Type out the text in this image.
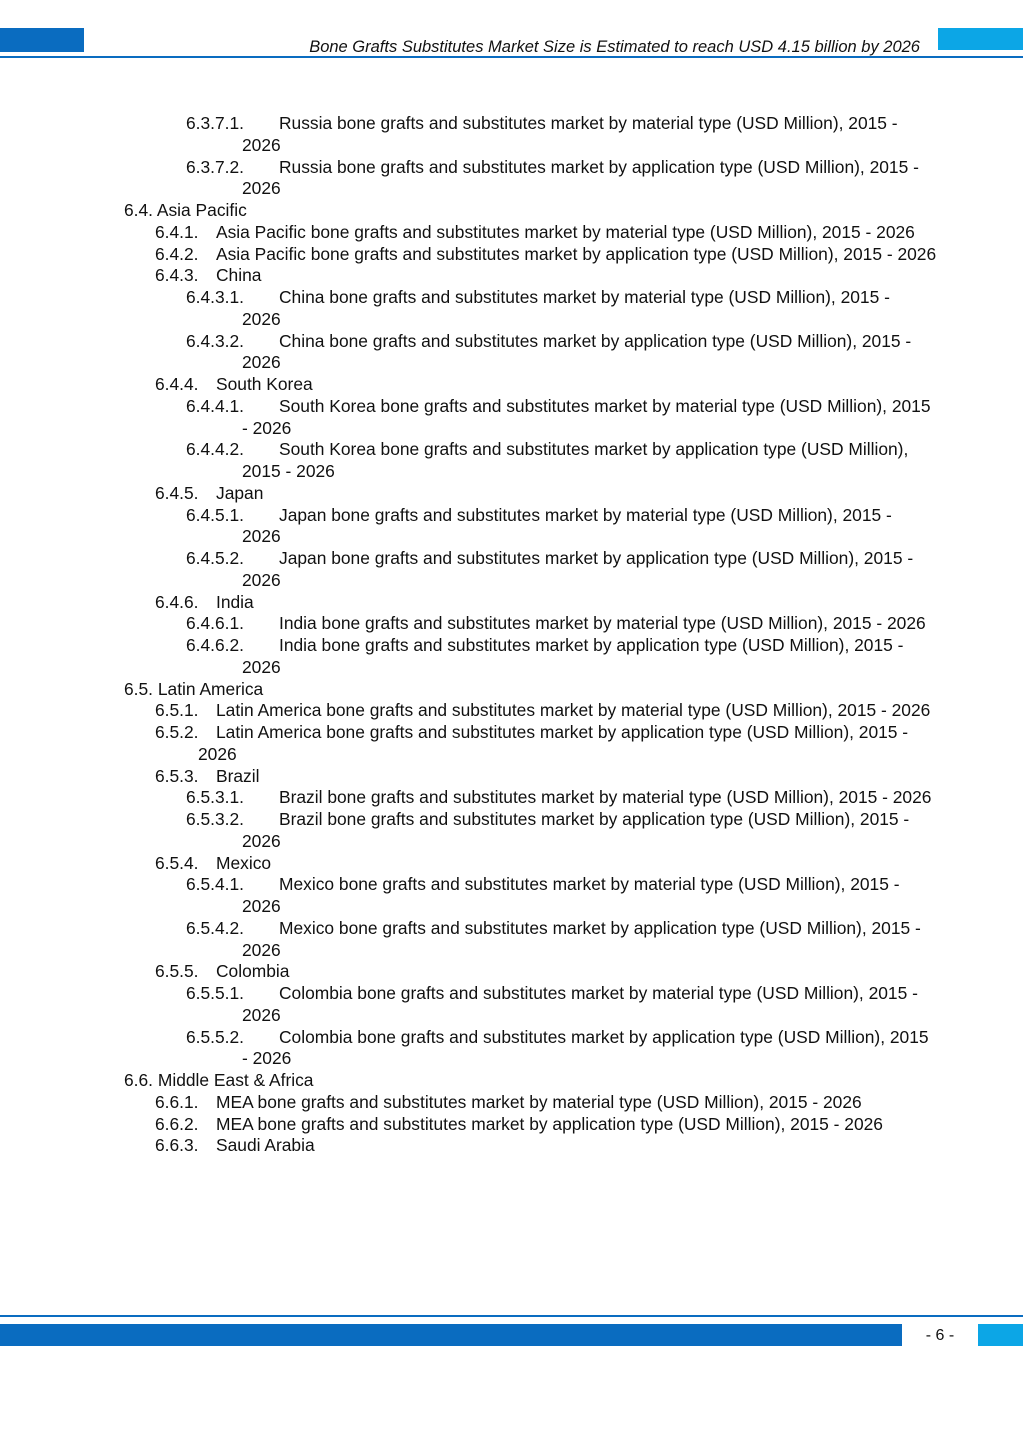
Bone Grafts Substitutes Market Size is Estimated to reach USD 4.15 billion by 2026
6.3.7.1.	Russia bone grafts and substitutes market by material type (USD Million), 2015 - 2026
6.3.7.2.	Russia bone grafts and substitutes market by application type (USD Million), 2015 - 2026
6.4. Asia Pacific
6.4.1.	Asia Pacific bone grafts and substitutes market by material type (USD Million), 2015 - 2026
6.4.2.	Asia Pacific bone grafts and substitutes market by application type (USD Million), 2015 - 2026
6.4.3.	China
6.4.3.1.	China bone grafts and substitutes market by material type (USD Million), 2015 - 2026
6.4.3.2.	China bone grafts and substitutes market by application type (USD Million), 2015 - 2026
6.4.4.	South Korea
6.4.4.1.	South Korea bone grafts and substitutes market by material type (USD Million), 2015 - 2026
6.4.4.2.	South Korea bone grafts and substitutes market by application type (USD Million), 2015 - 2026
6.4.5.	Japan
6.4.5.1.	Japan bone grafts and substitutes market by material type (USD Million), 2015 - 2026
6.4.5.2.	Japan bone grafts and substitutes market by application type (USD Million), 2015 - 2026
6.4.6.	India
6.4.6.1.	India bone grafts and substitutes market by material type (USD Million), 2015 - 2026
6.4.6.2.	India bone grafts and substitutes market by application type (USD Million), 2015 - 2026
6.5. Latin America
6.5.1.	Latin America bone grafts and substitutes market by material type (USD Million), 2015 - 2026
6.5.2.	Latin America bone grafts and substitutes market by application type (USD Million), 2015 - 2026
6.5.3.	Brazil
6.5.3.1.	Brazil bone grafts and substitutes market by material type (USD Million), 2015 - 2026
6.5.3.2.	Brazil bone grafts and substitutes market by application type (USD Million), 2015 - 2026
6.5.4.	Mexico
6.5.4.1.	Mexico bone grafts and substitutes market by material type (USD Million), 2015 - 2026
6.5.4.2.	Mexico bone grafts and substitutes market by application type (USD Million), 2015 - 2026
6.5.5.	Colombia
6.5.5.1.	Colombia bone grafts and substitutes market by material type (USD Million), 2015 - 2026
6.5.5.2.	Colombia bone grafts and substitutes market by application type (USD Million), 2015 - 2026
6.6. Middle East & Africa
6.6.1.	MEA bone grafts and substitutes market by material type (USD Million), 2015 - 2026
6.6.2.	MEA bone grafts and substitutes market by application type (USD Million), 2015 - 2026
6.6.3.	Saudi Arabia
- 6 -
